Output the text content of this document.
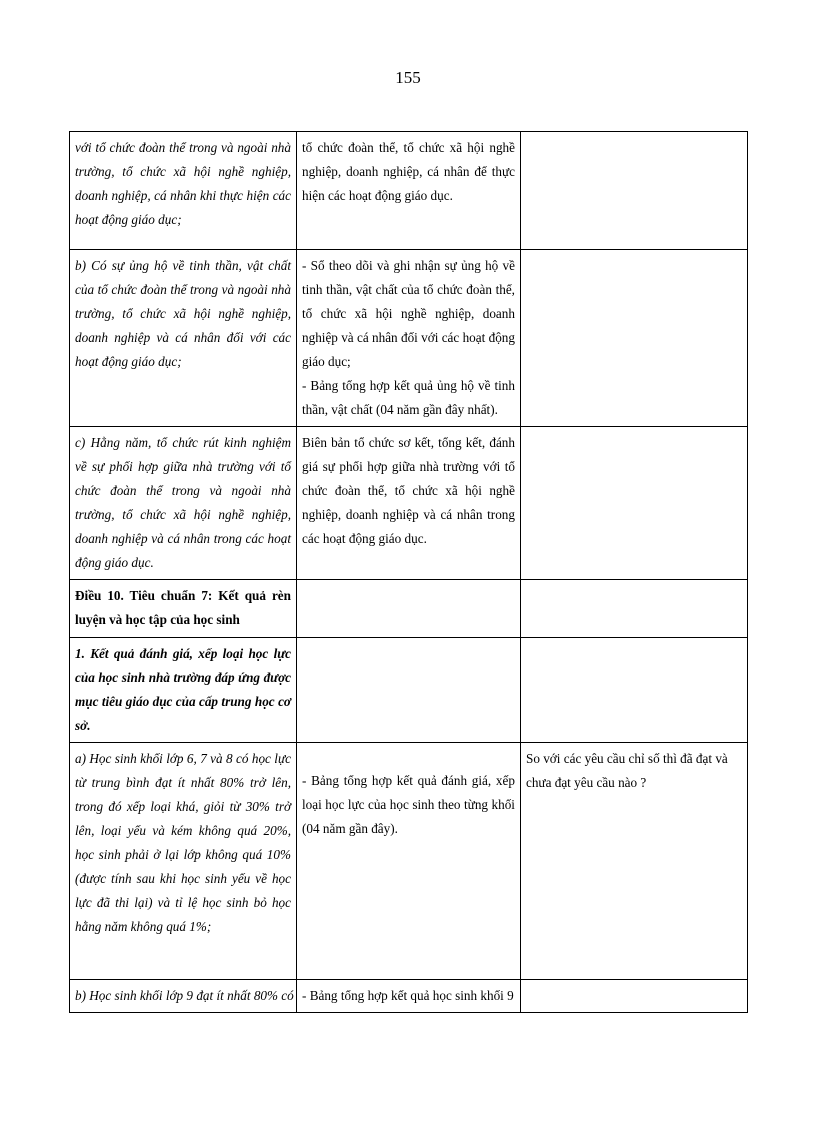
155
với tổ chức đoàn thể trong và ngoài nhà trường, tổ chức xã hội nghề nghiệp, doanh nghiệp, cá nhân khi thực hiện các hoạt động giáo dục;	tổ chức đoàn thể, tổ chức xã hội nghề nghiệp, doanh nghiệp, cá nhân để thực hiện các hoạt động giáo dục.	
b) Có sự ủng hộ về tinh thần, vật chất của tổ chức đoàn thể trong và ngoài nhà trường, tổ chức xã hội nghề nghiệp, doanh nghiệp và cá nhân đối với các hoạt động giáo dục;	- Sổ theo dõi và ghi nhận sự ủng hộ về tinh thần, vật chất của tổ chức đoàn thể, tổ chức xã hội nghề nghiệp, doanh nghiệp và cá nhân đối với các hoạt động giáo dục;
- Bảng tổng hợp kết quả ủng hộ về tinh thần, vật chất (04 năm gần đây nhất).	

c) Hằng năm, tổ chức rút kinh nghiệm về sự phối hợp giữa nhà trường với tổ chức đoàn thể trong và ngoài nhà trường, tổ chức xã hội nghề nghiệp, doanh nghiệp và cá nhân trong các hoạt động giáo dục.	Biên bản tổ chức sơ kết, tổng kết, đánh giá sự phối hợp giữa nhà trường với tổ chức đoàn thể, tổ chức xã hội nghề nghiệp, doanh nghiệp và cá nhân trong các hoạt động giáo dục.	
Điều 10. Tiêu chuẩn 7: Kết quả rèn luyện và học tập của học sinh		
1. Kết quả đánh giá, xếp loại học lực của học sinh nhà trường đáp ứng được mục tiêu giáo dục của cấp trung học cơ sở.		
a) Học sinh khối lớp 6, 7 và 8 có học lực từ trung bình đạt ít nhất 80% trở lên, trong đó xếp loại khá, giỏi từ 30% trở lên, loại yếu và kém không quá 20%, học sinh phải ở lại lớp không quá 10% (được tính sau khi học sinh yếu về học lực đã thi lại) và tỉ lệ học sinh bỏ học hằng năm không quá 1%;	- Bảng tổng hợp kết quả đánh giá, xếp loại học lực của học sinh theo từng khối (04 năm gần đây).	So với các yêu cầu chỉ số thì đã đạt và chưa đạt yêu cầu nào ?
b) Học sinh khối lớp 9 đạt ít nhất 80% có	- Bảng tổng hợp kết quả học sinh khối 9	
